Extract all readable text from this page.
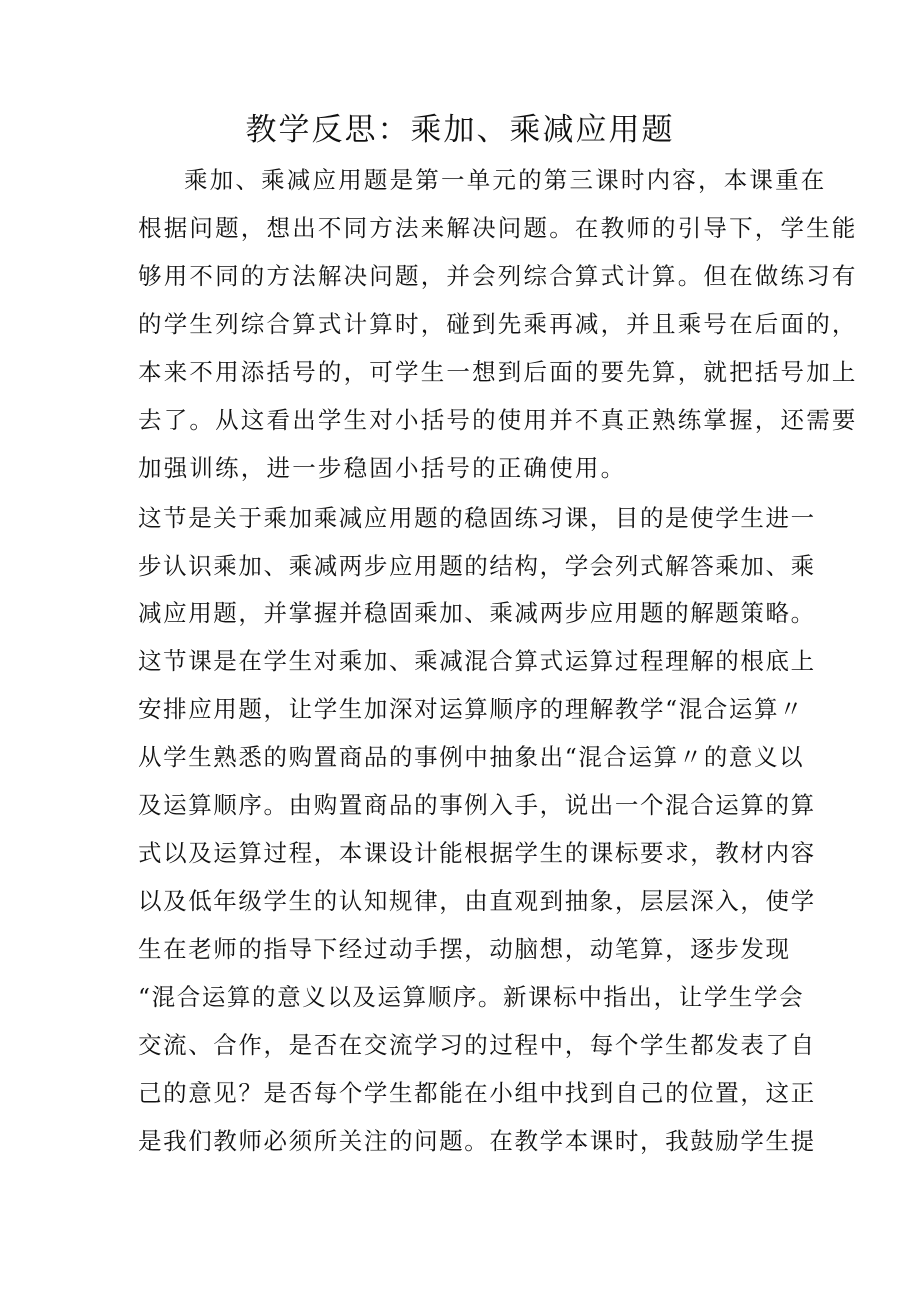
教学反思：乘加、乘减应用题

乘加、乘减应用题是第一单元的第三课时内容，本课重在

根据问题，想出不同方法来解决问题。在教师的引导下，学生能

够用不同的方法解决问题，并会列综合算式计算。但在做练习有

的学生列综合算式计算时，碰到先乘再减，并且乘号在后面的，

本来不用添括号的，可学生一想到后面的要先算，就把括号加上

去了。从这看出学生对小括号的使用并不真正熟练掌握，还需要

加强训练，进一步稳固小括号的正确使用。

这节是关于乘加乘减应用题的稳固练习课，目的是使学生进一

步认识乘加、乘减两步应用题的结构，学会列式解答乘加、乘

减应用题，并掌握并稳固乘加、乘减两步应用题的解题策略。

这节课是在学生对乘加、乘减混合算式运算过程理解的根底上

安排应用题，让学生加深对运算顺序的理解教学“混合运算〃

从学生熟悉的购置商品的事例中抽象出“混合运算〃的意义以

及运算顺序。由购置商品的事例入手，说出一个混合运算的算

式以及运算过程，本课设计能根据学生的课标要求，教材内容

以及低年级学生的认知规律，由直观到抽象，层层深入，使学

生在老师的指导下经过动手摆，动脑想，动笔算，逐步发现

“混合运算的意义以及运算顺序。新课标中指出，让学生学会

交流、合作，是否在交流学习的过程中，每个学生都发表了自

己的意见？是否每个学生都能在小组中找到自己的位置，这正

是我们教师必须所关注的问题。在教学本课时，我鼓励学生提
